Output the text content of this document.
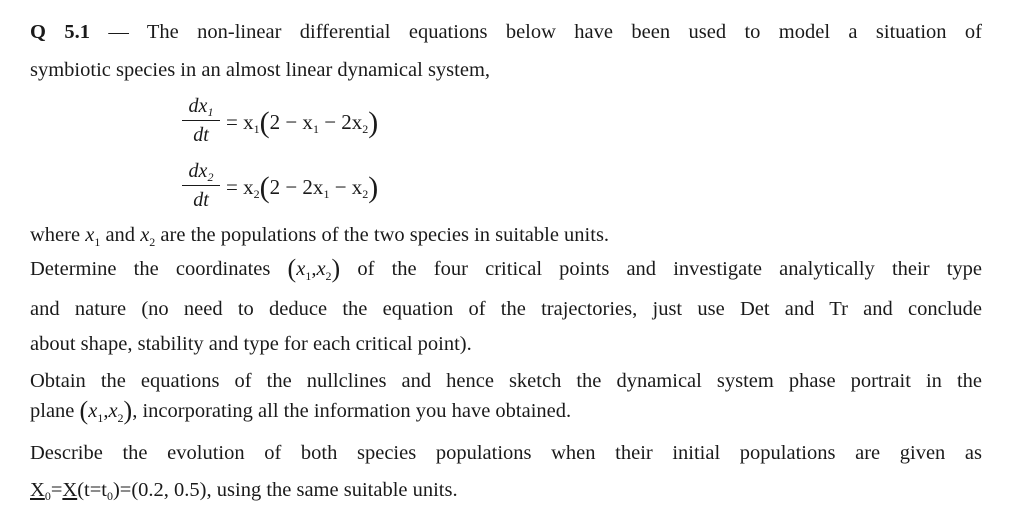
Q 5.1 — The non-linear differential equations below have been used to model a situation of
symbiotic species in an almost linear dynamical system,
$dx_1$
dt
= x1(2 − x1 − 2x2)
$dx_2$
dt
= x2(2 − 2x1 − x2)
where $x_1$ and $x_2$ are the populations of the two species in suitable units.
Determine the coordinates $(x_1,x_2)$ of the four critical points and investigate analytically their type
and nature (no need to deduce the equation of the trajectories, just use Det and Tr and conclude
about shape, stability and type for each critical point).
Obtain the equations of the nullclines and hence sketch the dynamical system phase portrait in the
plane $(x_1,x_2)$, incorporating all the information you have obtained.
Describe the evolution of both species populations when their initial populations are given as
X0=X(t=t0)=(0.2, 0.5), using the same suitable units.
